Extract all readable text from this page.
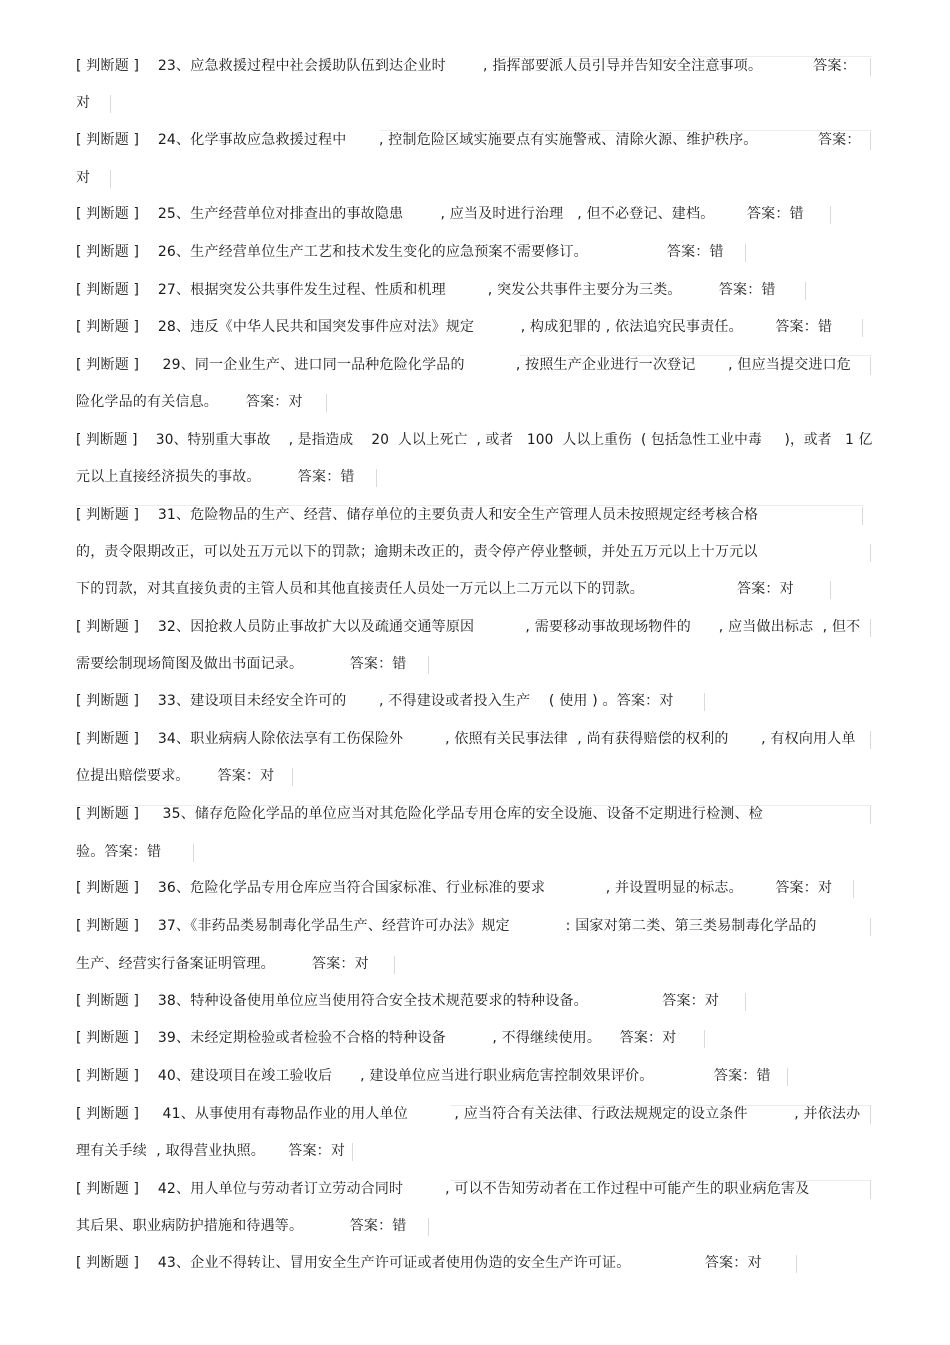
[ 判断题 ]    23、应急救援过程中社会援助队伍到达企业时        , 指挥部要派人员引导并告知安全注意事项。           答案：
对
[ 判断题 ]    24、化学事故应急救援过程中       , 控制危险区域实施要点有实施警戒、清除火源、维护秩序。             答案：
对
[ 判断题 ]    25、生产经营单位对排查出的事故隐患        , 应当及时进行治理   , 但不必登记、建档。       答案：错
[ 判断题 ]    26、生产经营单位生产工艺和技术发生变化的应急预案不需要修订。                 答案：错
[ 判断题 ]    27、根据突发公共事件发生过程、性质和机理         , 突发公共事件主要分为三类。        答案：错
[ 判断题 ]    28、违反《中华人民共和国突发事件应对法》规定          , 构成犯罪的 , 依法追究民事责任。       答案：错
[ 判断题 ]     29、同一企业生产、进口同一品种危险化学品的           , 按照生产企业进行一次登记       , 但应当提交进口危
险化学品的有关信息。      答案：对
[ 判断题 ]    30、特别重大事故    , 是指造成    20  人以上死亡  , 或者   100  人以上重伤  ( 包括急性工业中毒     )，或者   1 亿
元以上直接经济损失的事故。        答案：错
[ 判断题 ]    31、危险物品的生产、经营、储存单位的主要负责人和安全生产管理人员未按照规定经考核合格
的，责令限期改正，可以处五万元以下的罚款；逾期未改正的，责令停产停业整顿，并处五万元以上十万元以
下的罚款，对其直接负责的主管人员和其他直接责任人员处一万元以上二万元以下的罚款。                    答案：对
[ 判断题 ]    32、因抢救人员防止事故扩大以及疏通交通等原因           , 需要移动事故现场物件的      , 应当做出标志  , 但不
需要绘制现场简图及做出书面记录。          答案：错
[ 判断题 ]    33、建设项目未经安全许可的       , 不得建设或者投入生产    ( 使用 ) 。答案：对
[ 判断题 ]    34、职业病病人除依法享有工伤保险外         , 依照有关民事法律  , 尚有获得赔偿的权利的       , 有权向用人单
位提出赔偿要求。      答案：对
[ 判断题 ]     35、储存危险化学品的单位应当对其危险化学品专用仓库的安全设施、设备不定期进行检测、检
验。答案：错
[ 判断题 ]    36、危险化学品专用仓库应当符合国家标准、行业标准的要求             , 并设置明显的标志。       答案：对
[ 判断题 ]    37、《非药品类易制毒化学品生产、经营许可办法》规定            : 国家对第二类、第三类易制毒化学品的
生产、经营实行备案证明管理。        答案：对
[ 判断题 ]    38、特种设备使用单位应当使用符合安全技术规范要求的特种设备。                答案：对
[ 判断题 ]    39、未经定期检验或者检验不合格的特种设备          , 不得继续使用。    答案：对
[ 判断题 ]    40、建设项目在竣工验收后      , 建设单位应当进行职业病危害控制效果评价。             答案：错
[ 判断题 ]     41、从事使用有毒物品作业的用人单位          , 应当符合有关法律、行政法规规定的设立条件          , 并依法办
理有关手续  , 取得营业执照。     答案：对
[ 判断题 ]    42、用人单位与劳动者订立劳动合同时         , 可以不告知劳动者在工作过程中可能产生的职业病危害及
其后果、职业病防护措施和待遇等。          答案：错
[ 判断题 ]    43、企业不得转让、冒用安全生产许可证或者使用伪造的安全生产许可证。                答案：对
